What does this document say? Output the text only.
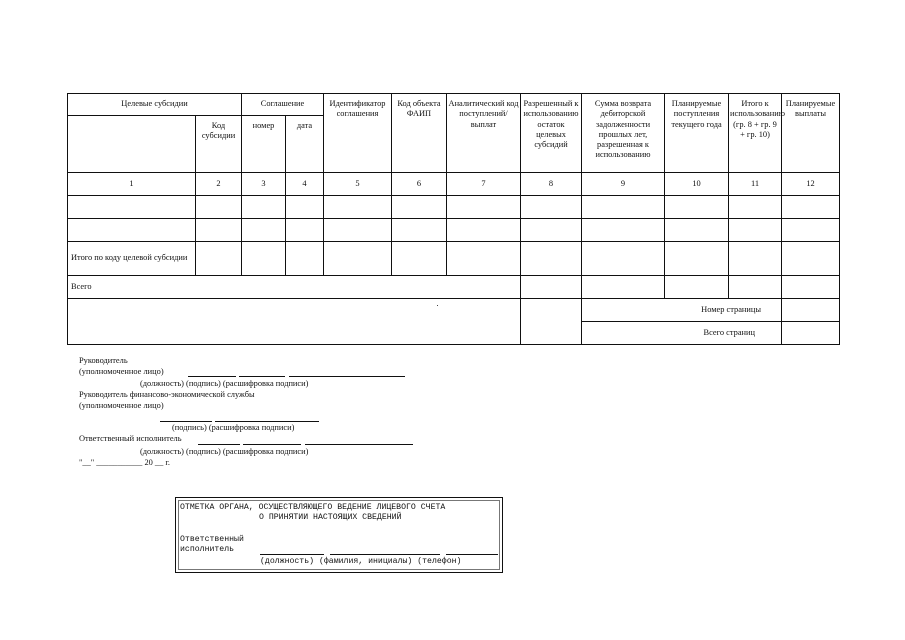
Целевые субсидии		Соглашение		Идентификатор соглашения	Код объекта ФАИП	Аналитический код поступлений/ выплат	Разрешенный к использованию остаток целевых субсидий	Сумма возврата дебиторской задолженности прошлых лет, разрешенная к использованию	Планируемые поступления текущего года	Итого к использованию (гр. 8 + гр. 9 + гр. 10)	Планируемые выплаты
	Код субсидии	номер	дата								
1	2	3	4	5	6	7	8	9	10	11	12

Итого по коду целевой субсидии											
Всего											
								Номер страницы			
								Всего страниц			
Руководитель
(уполномоченное лицо)
(должность) (подпись) (расшифровка подписи)
Руководитель финансово-экономической службы
(уполномоченное лицо)
(подпись) (расшифровка подписи)
Ответственный исполнитель
(должность) (подпись) (расшифровка подписи)
"__" ___________ 20 __ г.
ОТМЕТКА ОРГАНА, ОСУЩЕСТВЛЯЮЩЕГО ВЕДЕНИЕ ЛИЦЕВОГО СЧЕТА
О ПРИНЯТИИ НАСТОЯЩИХ СВЕДЕНИЙ
Ответственный
исполнитель
(должность) (фамилия, инициалы) (телефон)
